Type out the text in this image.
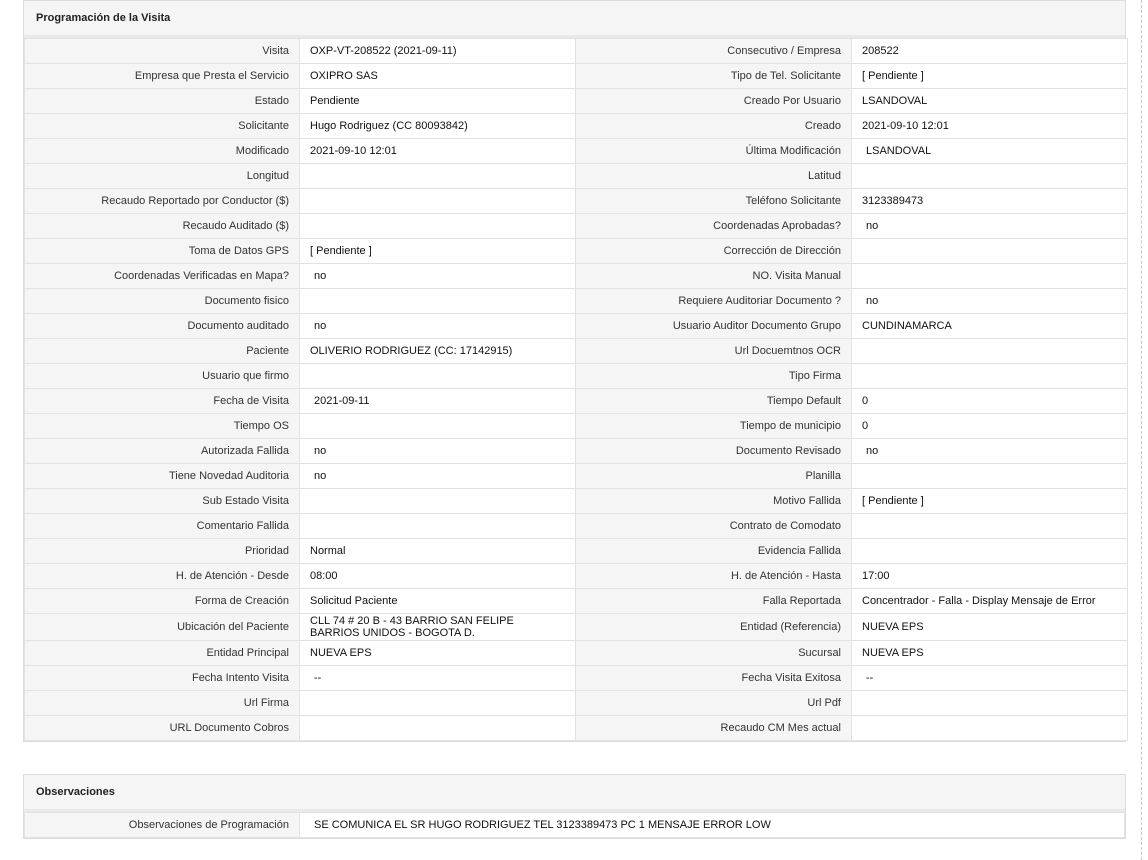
Programación de la Visita
Visita	OXP-VT-208522 (2021-09-11)	Consecutivo / Empresa	208522
Empresa que Presta el Servicio	OXIPRO SAS	Tipo de Tel. Solicitante	[ Pendiente ]
Estado	Pendiente	Creado Por Usuario	LSANDOVAL
Solicitante	Hugo Rodriguez (CC 80093842)	Creado	2021-09-10 12:01
Modificado	2021-09-10 12:01	Última Modificación	LSANDOVAL
Longitud		Latitud	
Recaudo Reportado por Conductor ($)		Teléfono Solicitante	3123389473
Recaudo Auditado ($)		Coordenadas Aprobadas?	no
Toma de Datos GPS	[ Pendiente ]	Corrección de Dirección	
Coordenadas Verificadas en Mapa?	no	NO. Visita Manual	
Documento fisico		Requiere Auditoriar Documento ?	no
Documento auditado	no	Usuario Auditor Documento Grupo	CUNDINAMARCA
Paciente	OLIVERIO RODRIGUEZ (CC: 17142915)	Url Docuemtnos OCR	
Usuario que firmo		Tipo Firma	
Fecha de Visita	2021-09-11	Tiempo Default	0
Tiempo OS		Tiempo de municipio	0
Autorizada Fallida	no	Documento Revisado	no
Tiene Novedad Auditoria	no	Planilla	
Sub Estado Visita		Motivo Fallida	[ Pendiente ]
Comentario Fallida		Contrato de Comodato	
Prioridad	Normal	Evidencia Fallida	
H. de Atención - Desde	08:00	H. de Atención - Hasta	17:00
Forma de Creación	Solicitud Paciente	Falla Reportada	Concentrador - Falla - Display Mensaje de Error
Ubicación del Paciente	CLL 74 # 20 B - 43 BARRIO SAN FELIPE BARRIOS UNIDOS - BOGOTA D.	Entidad (Referencia)	NUEVA EPS
Entidad Principal	NUEVA EPS	Sucursal	NUEVA EPS
Fecha Intento Visita	--	Fecha Visita Exitosa	--
Url Firma		Url Pdf	
URL Documento Cobros		Recaudo CM Mes actual	
Observaciones
Observaciones de Programación	SE COMUNICA EL SR HUGO RODRIGUEZ TEL 3123389473 PC 1 MENSAJE ERROR LOW
